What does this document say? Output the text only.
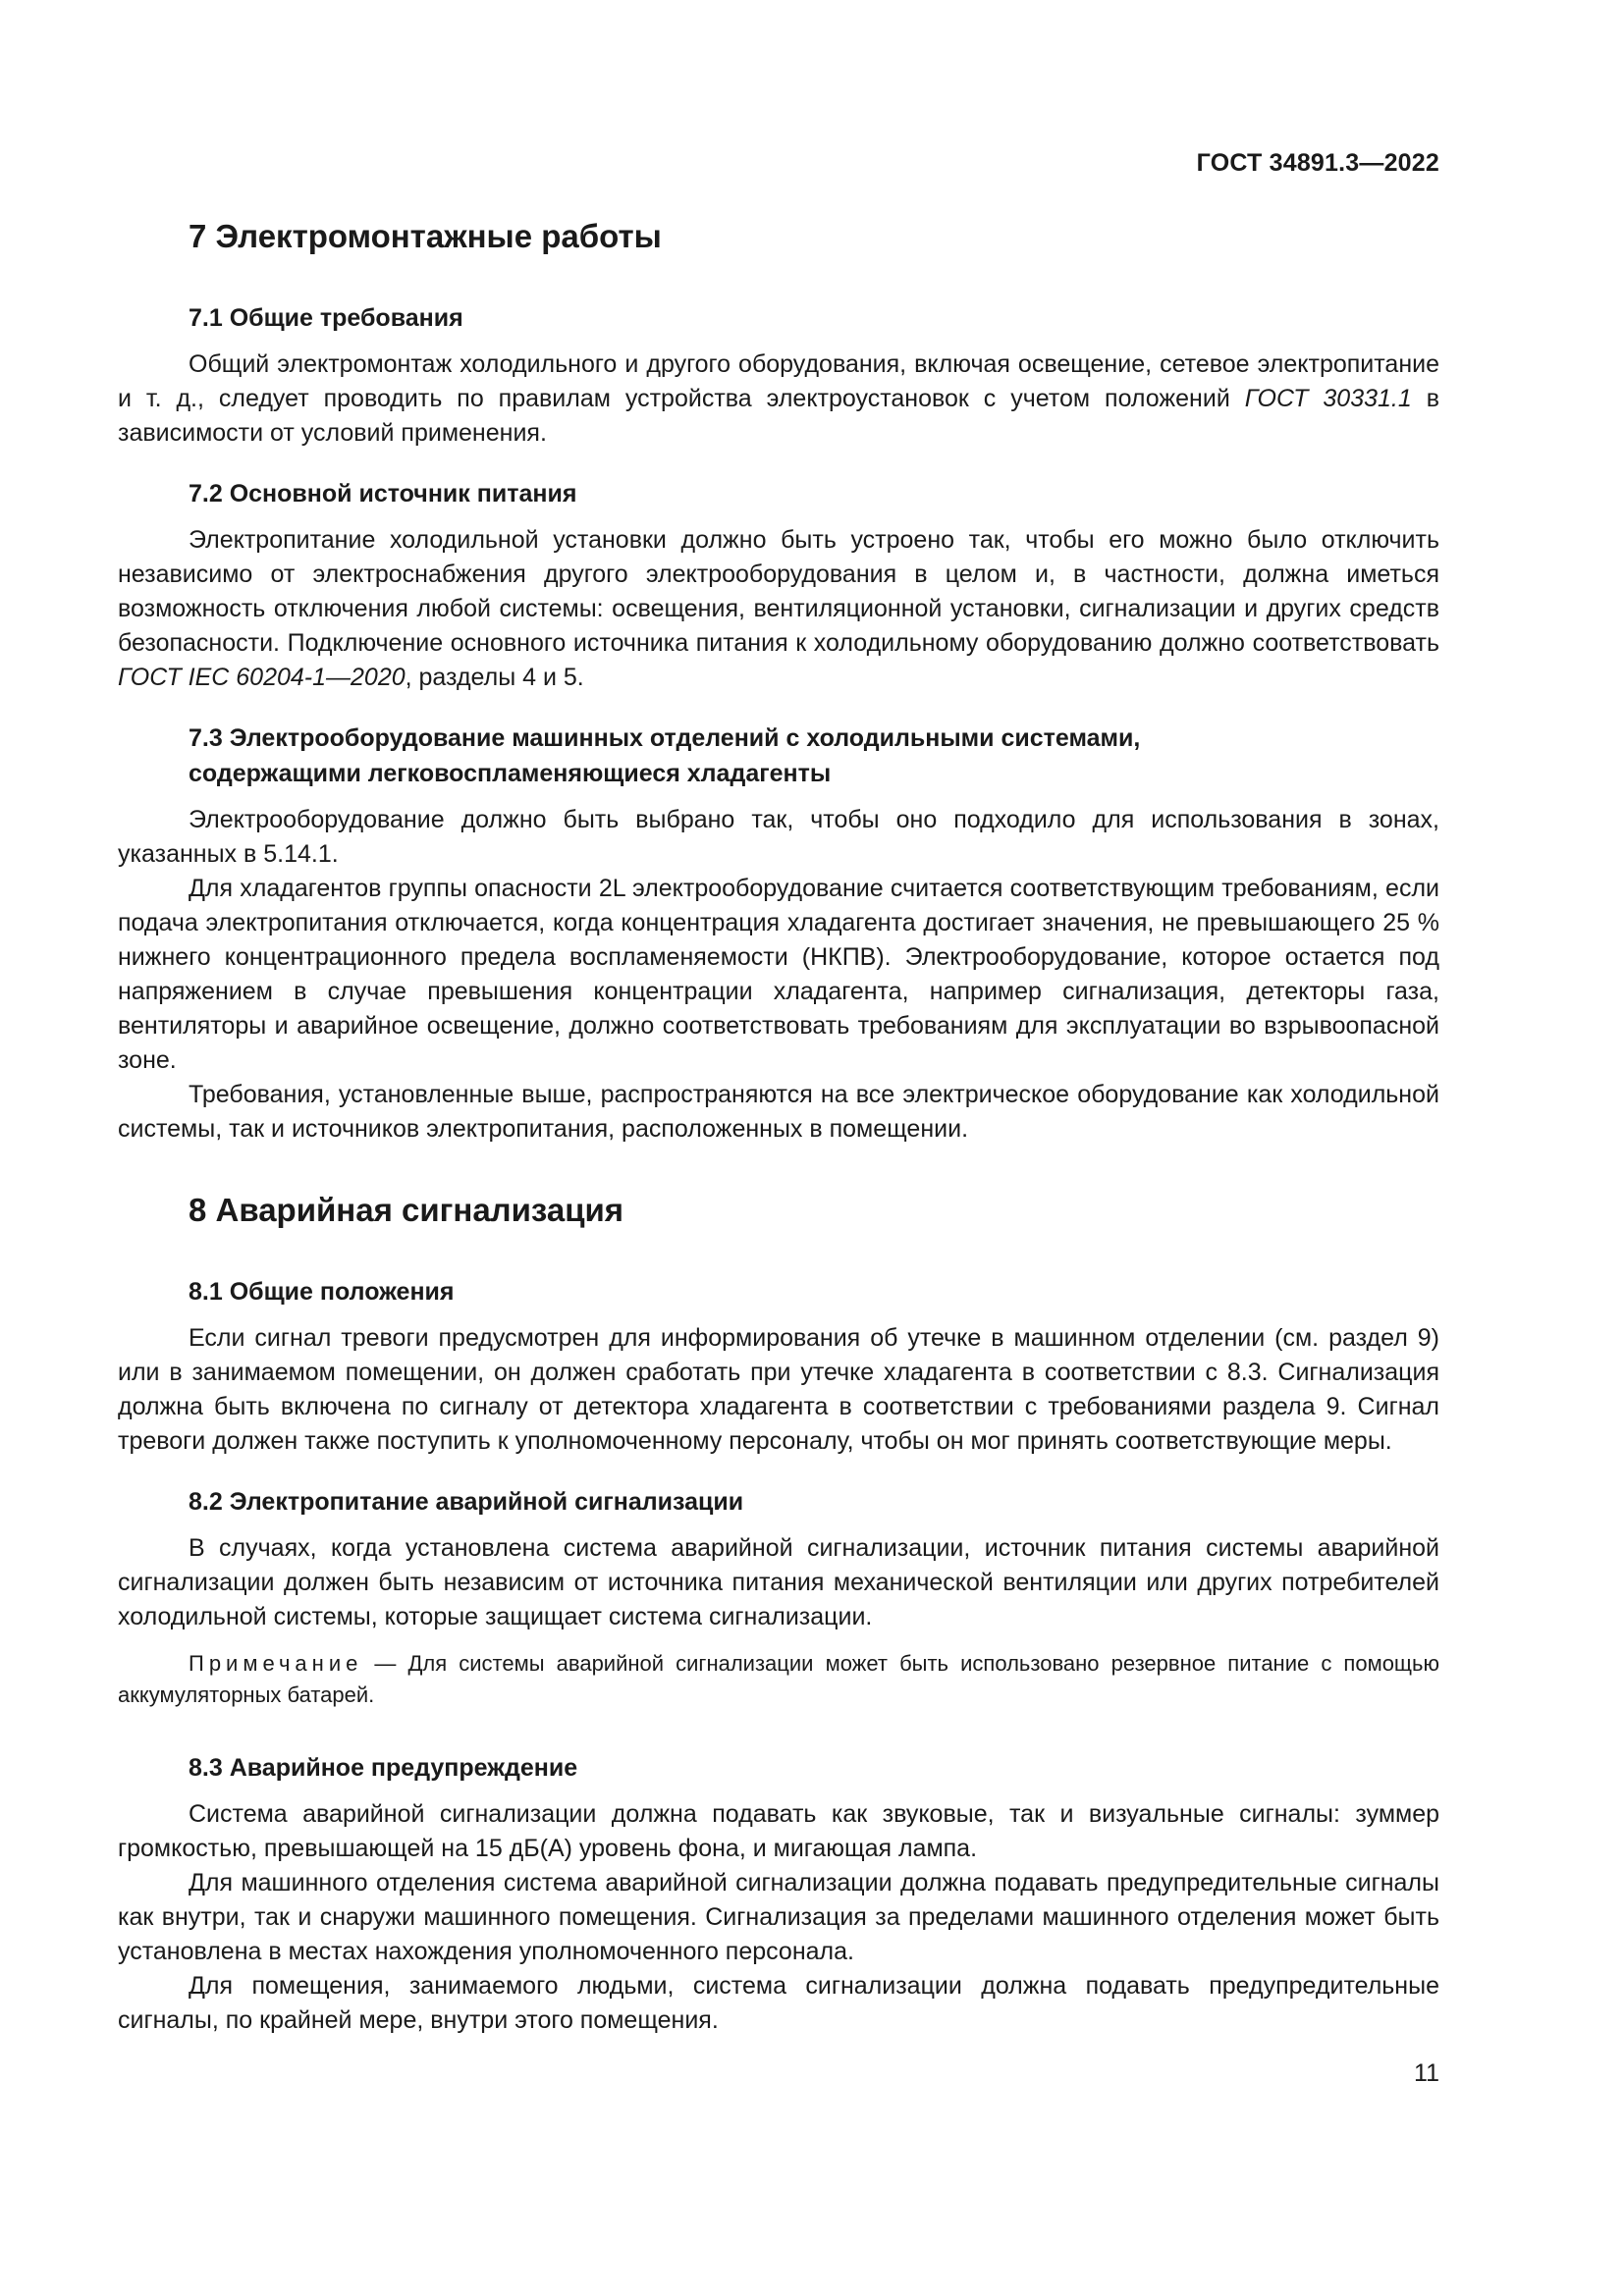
ГОСТ 34891.3—2022
7 Электромонтажные работы
7.1 Общие требования

Общий электромонтаж холодильного и другого оборудования, включая освещение, сетевое электропитание и т. д., следует проводить по правилам устройства электроустановок с учетом положений ГОСТ 30331.1 в зависимости от условий применения.

7.2 Основной источник питания

Электропитание холодильной установки должно быть устроено так, чтобы его можно было отключить независимо от электроснабжения другого электрооборудования в целом и, в частности, должна иметься возможность отключения любой системы: освещения, вентиляционной установки, сигнализации и других средств безопасности. Подключение основного источника питания к холодильному оборудованию должно соответствовать ГОСТ IEC 60204-1—2020, разделы 4 и 5.

7.3 Электрооборудование машинных отделений с холодильными системами,
содержащими легковоспламеняющиеся хладагенты

Электрооборудование должно быть выбрано так, чтобы оно подходило для использования в зонах, указанных в 5.14.1.

Для хладагентов группы опасности 2L электрооборудование считается соответствующим требованиям, если подача электропитания отключается, когда концентрация хладагента достигает значения, не превышающего 25 % нижнего концентрационного предела воспламеняемости (НКПВ). Электрооборудование, которое остается под напряжением в случае превышения концентрации хладагента, например сигнализация, детекторы газа, вентиляторы и аварийное освещение, должно соответствовать требованиям для эксплуатации во взрывоопасной зоне.

Требования, установленные выше, распространяются на все электрическое оборудование как холодильной системы, так и источников электропитания, расположенных в помещении.

8 Аварийная сигнализация
8.1 Общие положения

Если сигнал тревоги предусмотрен для информирования об утечке в машинном отделении (см. раздел 9) или в занимаемом помещении, он должен сработать при утечке хладагента в соответствии с 8.3. Сигнализация должна быть включена по сигналу от детектора хладагента в соответствии с требованиями раздела 9. Сигнал тревоги должен также поступить к уполномоченному персоналу, чтобы он мог принять соответствующие меры.

8.2 Электропитание аварийной сигнализации

В случаях, когда установлена система аварийной сигнализации, источник питания системы аварийной сигнализации должен быть независим от источника питания механической вентиляции или других потребителей холодильной системы, которые защищает система сигнализации.

Примечание — Для системы аварийной сигнализации может быть использовано резервное питание с помощью аккумуляторных батарей.
8.3 Аварийное предупреждение

Система аварийной сигнализации должна подавать как звуковые, так и визуальные сигналы: зуммер громкостью, превышающей на 15 дБ(А) уровень фона, и мигающая лампа.

Для машинного отделения система аварийной сигнализации должна подавать предупредительные сигналы как внутри, так и снаружи машинного помещения. Сигнализация за пределами машинного отделения может быть установлена в местах нахождения уполномоченного персонала.

Для помещения, занимаемого людьми, система сигнализации должна подавать предупредительные сигналы, по крайней мере, внутри этого помещения.

11
